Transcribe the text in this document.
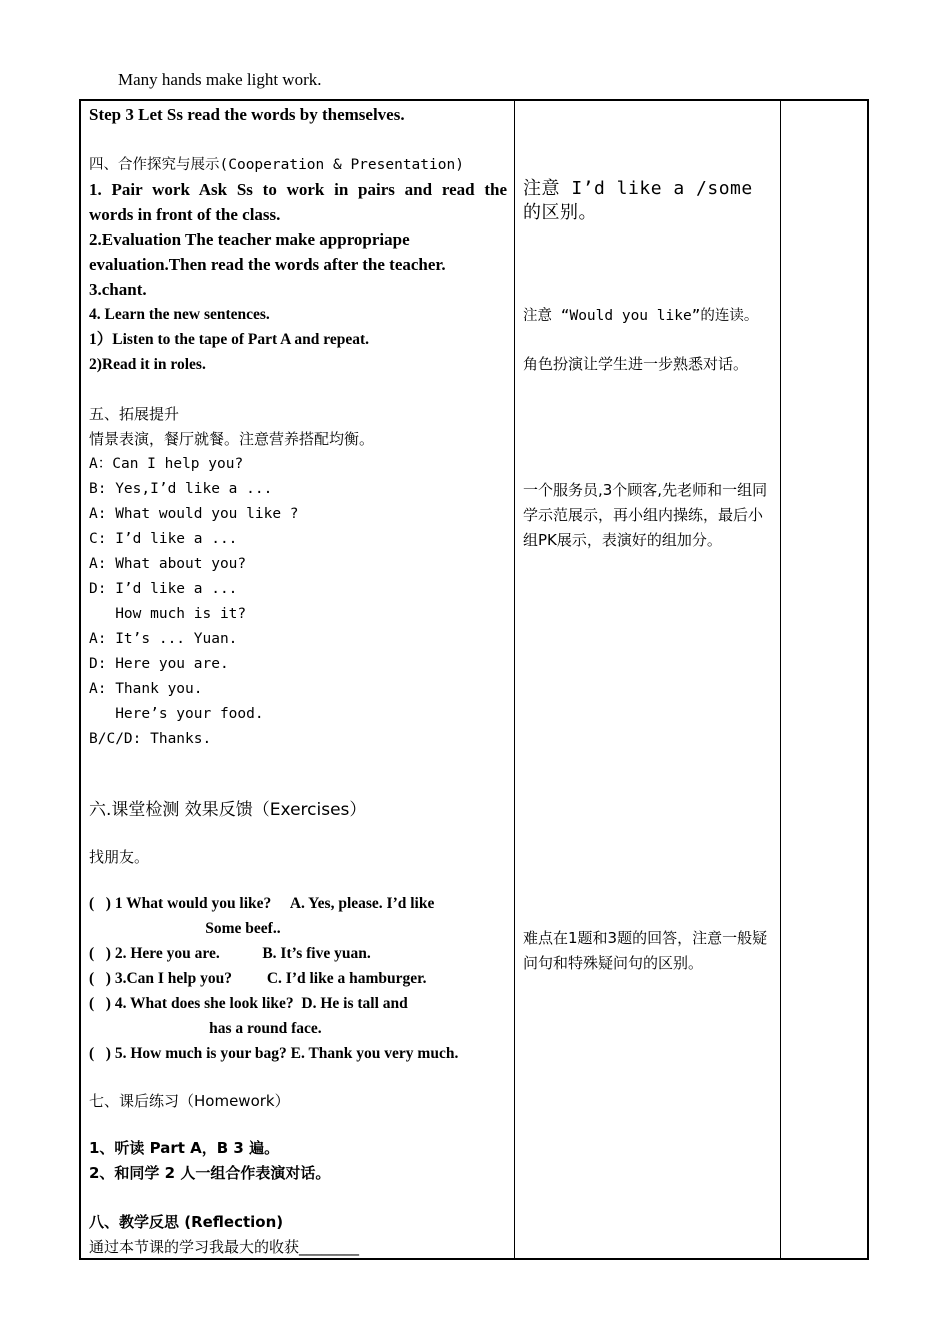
Many hands make light work.
Step 3 Let Ss read the words by themselves.
四、合作探究与展示(Cooperation & Presentation)
1. Pair work Ask Ss to work in pairs and read the
words in front of the class.
2.Evaluation The teacher make appropriape
evaluation.Then read the words after the teacher.
3.chant.
4. Learn the new sentences.
1）Listen to the tape of Part A and repeat.
2)Read it in roles.
五、拓展提升
情景表演，餐厅就餐。注意营养搭配均衡。
A：Can I help you?
B: Yes,I’d like a ...
A: What would you like ?
C: I’d like a ...
A: What about you?
D: I’d like a ...
How much is it?
A: It’s ... Yuan.
D: Here you are.
A: Thank you.
Here’s your food.
B/C/D: Thanks.
六.课堂检测 效果反馈（Exercises）
找朋友。
(   ) 1 What would you like?     A. Yes, please. I’d like
Some beef..
(   ) 2. Here you are.           B. It’s five yuan.
(   ) 3.Can I help you?         C. I’d like a hamburger.
(   ) 4. What does she look like?  D. He is tall and
has a round face.
(   ) 5. How much is your bag? E. Thank you very much.
七、课后练习（Homework）
1、听读 Part A，B 3 遍。
2、和同学 2 人一组合作表演对话。
八、教学反思 (Reflection)
通过本节课的学习我最大的收获________
注意 I’d like a /some 的区别。
注意 “Would you like”的连读。
角色扮演让学生进一步熟悉对话。
一个服务员,3个顾客,先老师和一组同学示范展示，再小组内操练，最后小组PK展示，表演好的组加分。
难点在1题和3题的回答，注意一般疑问句和特殊疑问句的区别。
